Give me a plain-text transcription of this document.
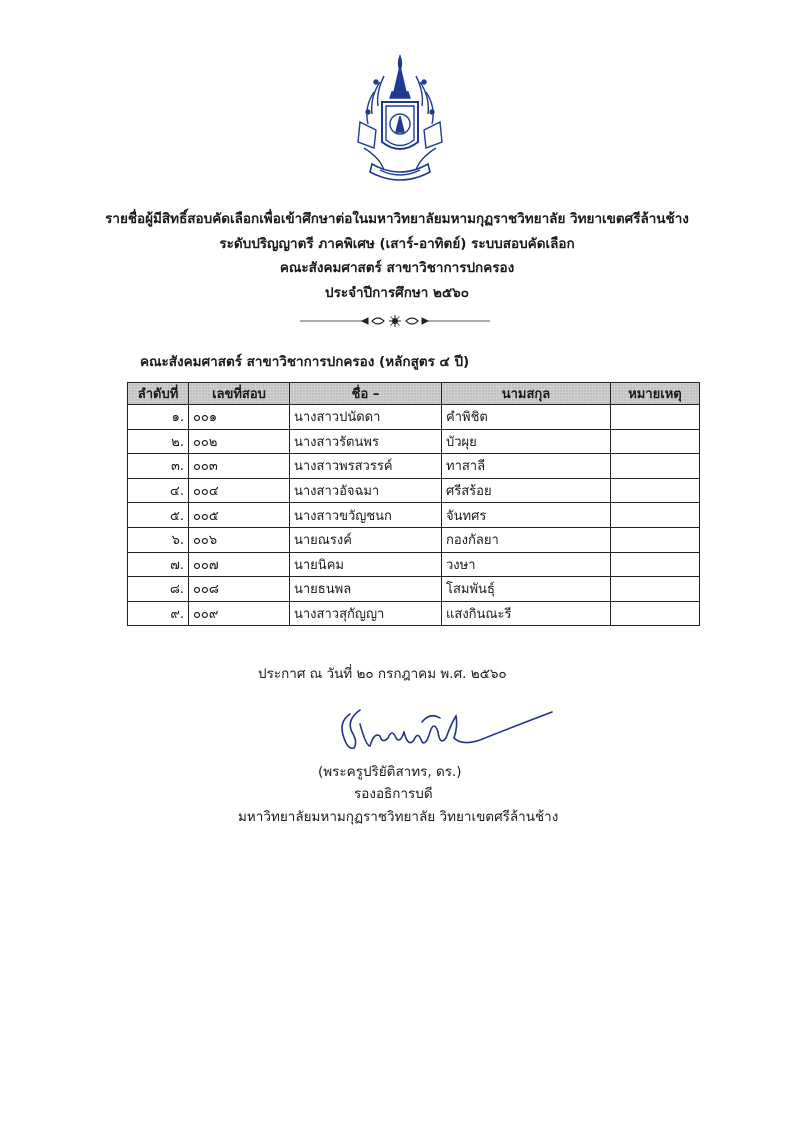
รายชื่อผู้มีสิทธิ์สอบคัดเลือกเพื่อเข้าศึกษาต่อในมหาวิทยาลัยมหามกุฏราชวิทยาลัย วิทยาเขตศรีล้านช้าง
ระดับปริญญาตรี ภาคพิเศษ (เสาร์-อาทิตย์) ระบบสอบคัดเลือก
คณะสังคมศาสตร์ สาขาวิชาการปกครอง
ประจำปีการศึกษา ๒๕๖๐
คณะสังคมศาสตร์ สาขาวิชาการปกครอง (หลักสูตร ๔ ปี)
ลำดับที่	เลขที่สอบ	ชื่อ –	นามสกุล	หมายเหตุ
๑.	๐๐๑	นางสาวปนัดดา	คำพิชิต	
๒.	๐๐๒	นางสาวรัตนพร	บัวผุย	
๓.	๐๐๓	นางสาวพรสวรรค์	ทาสาลี	
๔.	๐๐๔	นางสาวอัจฉมา	ศรีสร้อย	
๕.	๐๐๕	นางสาวขวัญชนก	จันทศร	
๖.	๐๐๖	นายณรงค์	กองกัลยา	
๗.	๐๐๗	นายนิคม	วงษา	
๘.	๐๐๘	นายธนพล	โสมพันธุ์	
๙.	๐๐๙	นางสาวสุกัญญา	แสงกินณะรี	
ประกาศ ณ วันที่ ๒๐ กรกฎาคม พ.ศ. ๒๕๖๐
(พระครูปริยัติสาทร, ดร.)
รองอธิการบดี
มหาวิทยาลัยมหามกุฏราชวิทยาลัย วิทยาเขตศรีล้านช้าง
